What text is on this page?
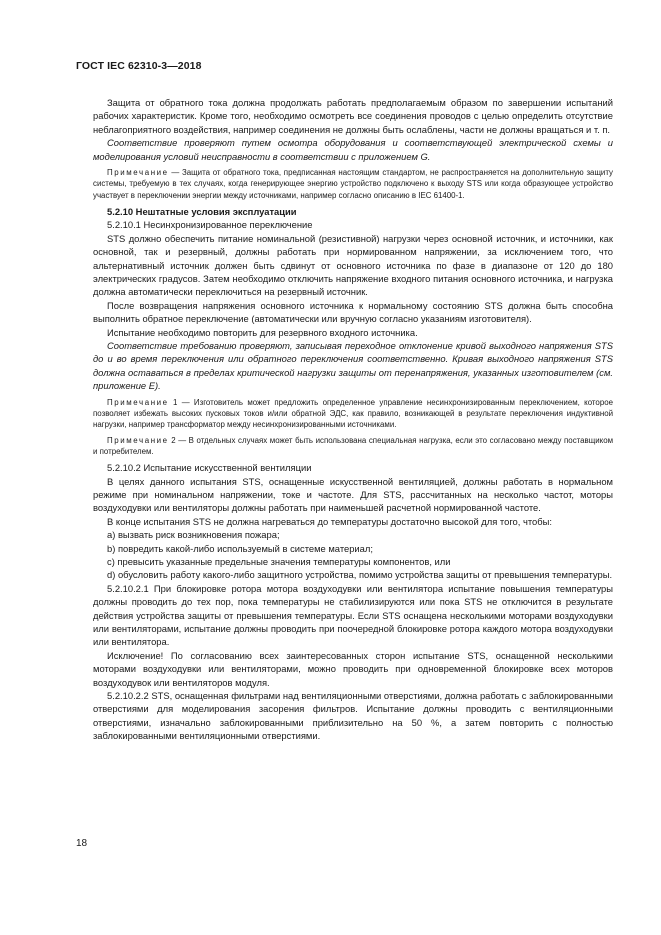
ГОСТ IEC 62310-3—2018

Защита от обратного тока должна продолжать работать предполагаемым образом по завершении испытаний рабочих характеристик. Кроме того, необходимо осмотреть все соединения проводов с целью определить отсутствие неблагоприятного воздействия, например соединения не должны быть ослаблены, части не должны вращаться и т. п.

Соответствие проверяют путем осмотра оборудования и соответствующей электрической схемы и моделирования условий неисправности в соответствии с приложением G.

Примечание — Защита от обратного тока, предписанная настоящим стандартом, не распространяется на дополнительную защиту системы, требуемую в тех случаях, когда генерирующее энергию устройство подключено к выходу STS или когда образующее устройство участвует в переключении энергии между источниками, например согласно описанию в IEC 61400-1.

5.2.10 Нештатные условия эксплуатации

5.2.10.1 Несинхронизированное переключение

STS должно обеспечить питание номинальной (резистивной) нагрузки через основной источник, и источники, как основной, так и резервный, должны работать при нормированном напряжении, за исключением того, что альтернативный источник должен быть сдвинут от основного источника по фазе в диапазоне от 120 до 180 электрических градусов. Затем необходимо отключить напряжение входного питания основного источника, и нагрузка должна автоматически переключиться на резервный источник.

После возвращения напряжения основного источника к нормальному состоянию STS должна быть способна выполнить обратное переключение (автоматически или вручную согласно указаниям изготовителя).

Испытание необходимо повторить для резервного входного источника.

Соответствие требованию проверяют, записывая переходное отклонение кривой выходного напряжения STS до и во время переключения или обратного переключения соответственно. Кривая выходного напряжения STS должна оставаться в пределах критической нагрузки защиты от перенапряжения, указанных изготовителем (см. приложение E).

Примечание 1 — Изготовитель может предложить определенное управление несинхронизированным переключением, которое позволяет избежать высоких пусковых токов и/или обратной ЭДС, как правило, возникающей в результате переключения индуктивной нагрузки, например трансформатор между несинхронизированными источниками.

Примечание 2 — В отдельных случаях может быть использована специальная нагрузка, если это согласовано между поставщиком и потребителем.

5.2.10.2 Испытание искусственной вентиляции

В целях данного испытания STS, оснащенные искусственной вентиляцией, должны работать в нормальном режиме при номинальном напряжении, токе и частоте. Для STS, рассчитанных на несколько частот, моторы воздуходувки или вентиляторы должны работать при наименьшей расчетной нормированной частоте.

В конце испытания STS не должна нагреваться до температуры достаточно высокой для того, чтобы:

a) вызвать риск возникновения пожара;

b) повредить какой-либо используемый в системе материал;

c) превысить указанные предельные значения температуры компонентов, или

d) обусловить работу какого-либо защитного устройства, помимо устройства защиты от превышения температуры.

5.2.10.2.1 При блокировке ротора мотора воздуходувки или вентилятора испытание повышения температуры должны проводить до тех пор, пока температуры не стабилизируются или пока STS не отключится в результате действия устройства защиты от превышения температуры. Если STS оснащена несколькими моторами воздуходувки или вентиляторами, испытание должны проводить при поочередной блокировке ротора каждого мотора воздуходувки или вентилятора.

Исключение! По согласованию всех заинтересованных сторон испытание STS, оснащенной несколькими моторами воздуходувки или вентиляторами, можно проводить при одновременной блокировке всех моторов воздуходувок или вентиляторов модуля.

5.2.10.2.2 STS, оснащенная фильтрами над вентиляционными отверстиями, должна работать с заблокированными отверстиями для моделирования засорения фильтров. Испытание должны проводить с вентиляционными отверстиями, изначально заблокированными приблизительно на 50 %, а затем повторить с полностью заблокированными вентиляционными отверстиями.

18
